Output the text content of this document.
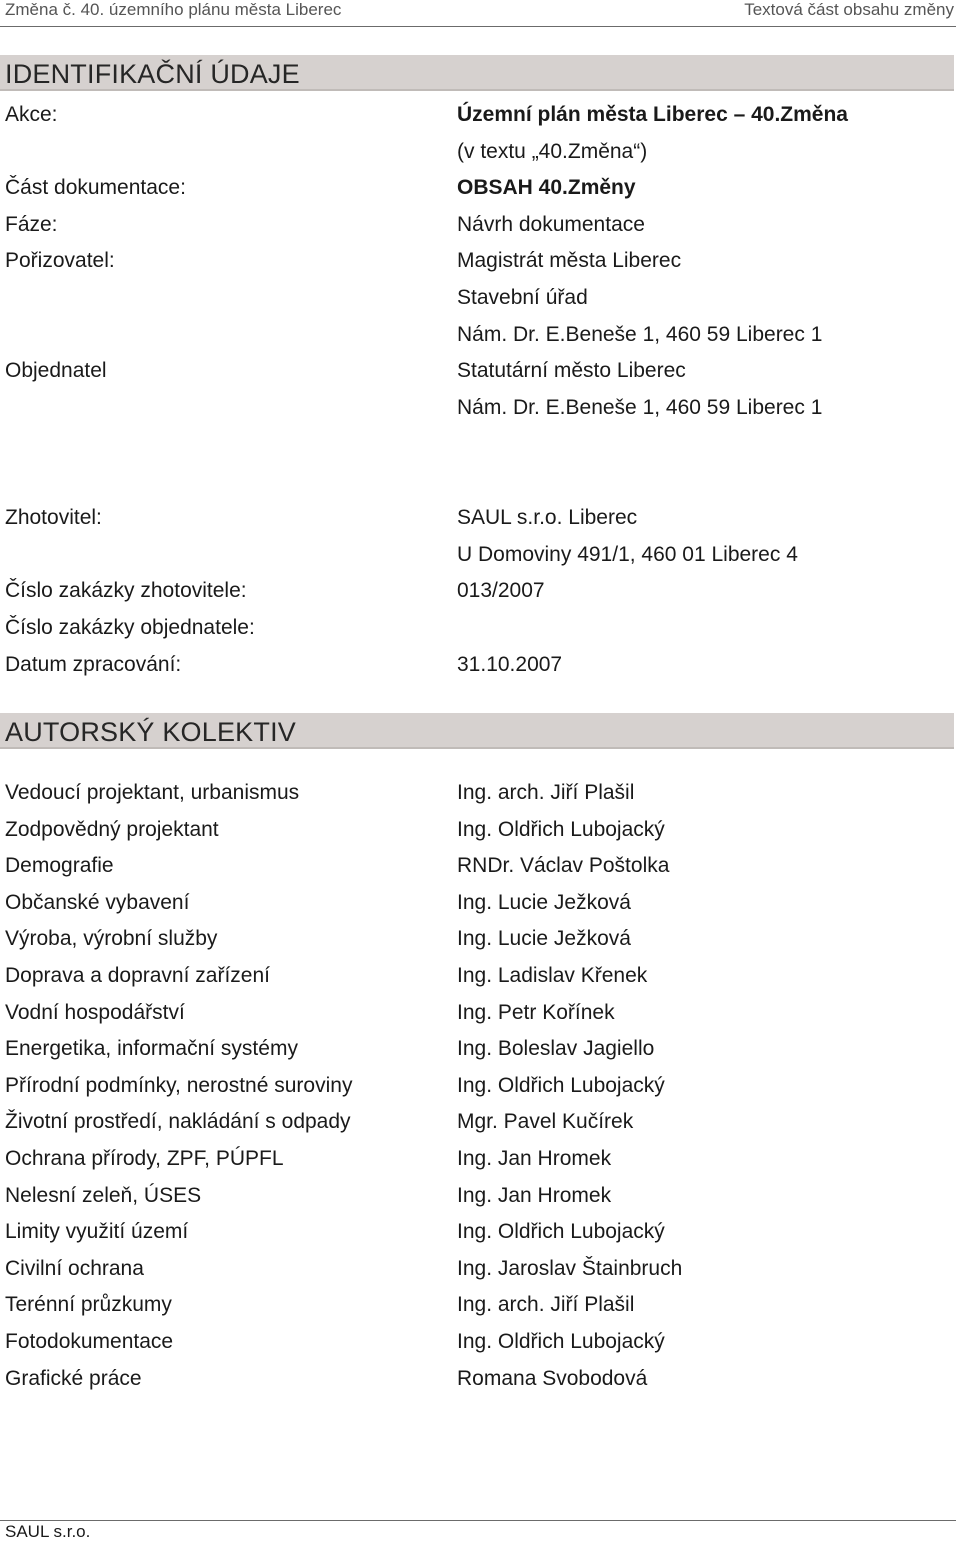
Změna č. 40. územního plánu města Liberec	Textová část obsahu změny
IDENTIFIKAČNÍ ÚDAJE
Akce:	Územní plán města Liberec – 40.Změna
(v textu „40.Změna“)
Část dokumentace:	OBSAH 40.Změny
Fáze:	Návrh dokumentace
Pořizovatel:	Magistrát města Liberec
Stavební úřad
Nám. Dr. E.Beneše 1, 460 59 Liberec 1
Objednatel	Statutární město Liberec
Nám. Dr. E.Beneše 1, 460 59 Liberec 1
Zhotovitel:	SAUL s.r.o. Liberec
U Domoviny 491/1, 460 01 Liberec 4
Číslo zakázky zhotovitele:	013/2007
Číslo zakázky objednatele:
Datum zpracování:	31.10.2007
AUTORSKÝ KOLEKTIV
Vedoucí projektant, urbanismus	Ing. arch. Jiří Plašil
Zodpovědný projektant	Ing. Oldřich Lubojacký
Demografie	RNDr. Václav Poštolka
Občanské vybavení	Ing. Lucie Ježková
Výroba, výrobní služby	Ing. Lucie Ježková
Doprava a dopravní zařízení	Ing. Ladislav Křenek
Vodní hospodářství	Ing. Petr Kořínek
Energetika, informační systémy	Ing. Boleslav Jagiello
Přírodní podmínky, nerostné suroviny	Ing. Oldřich Lubojacký
Životní prostředí, nakládání s odpady	Mgr. Pavel Kučírek
Ochrana přírody, ZPF, PÚPFL	Ing. Jan Hromek
Nelesní zeleň, ÚSES	Ing. Jan Hromek
Limity využití území	Ing. Oldřich Lubojacký
Civilní ochrana	Ing. Jaroslav Štainbruch
Terénní průzkumy	Ing. arch. Jiří Plašil
Fotodokumentace	Ing. Oldřich Lubojacký
Grafické práce	Romana Svobodová
SAUL s.r.o.
